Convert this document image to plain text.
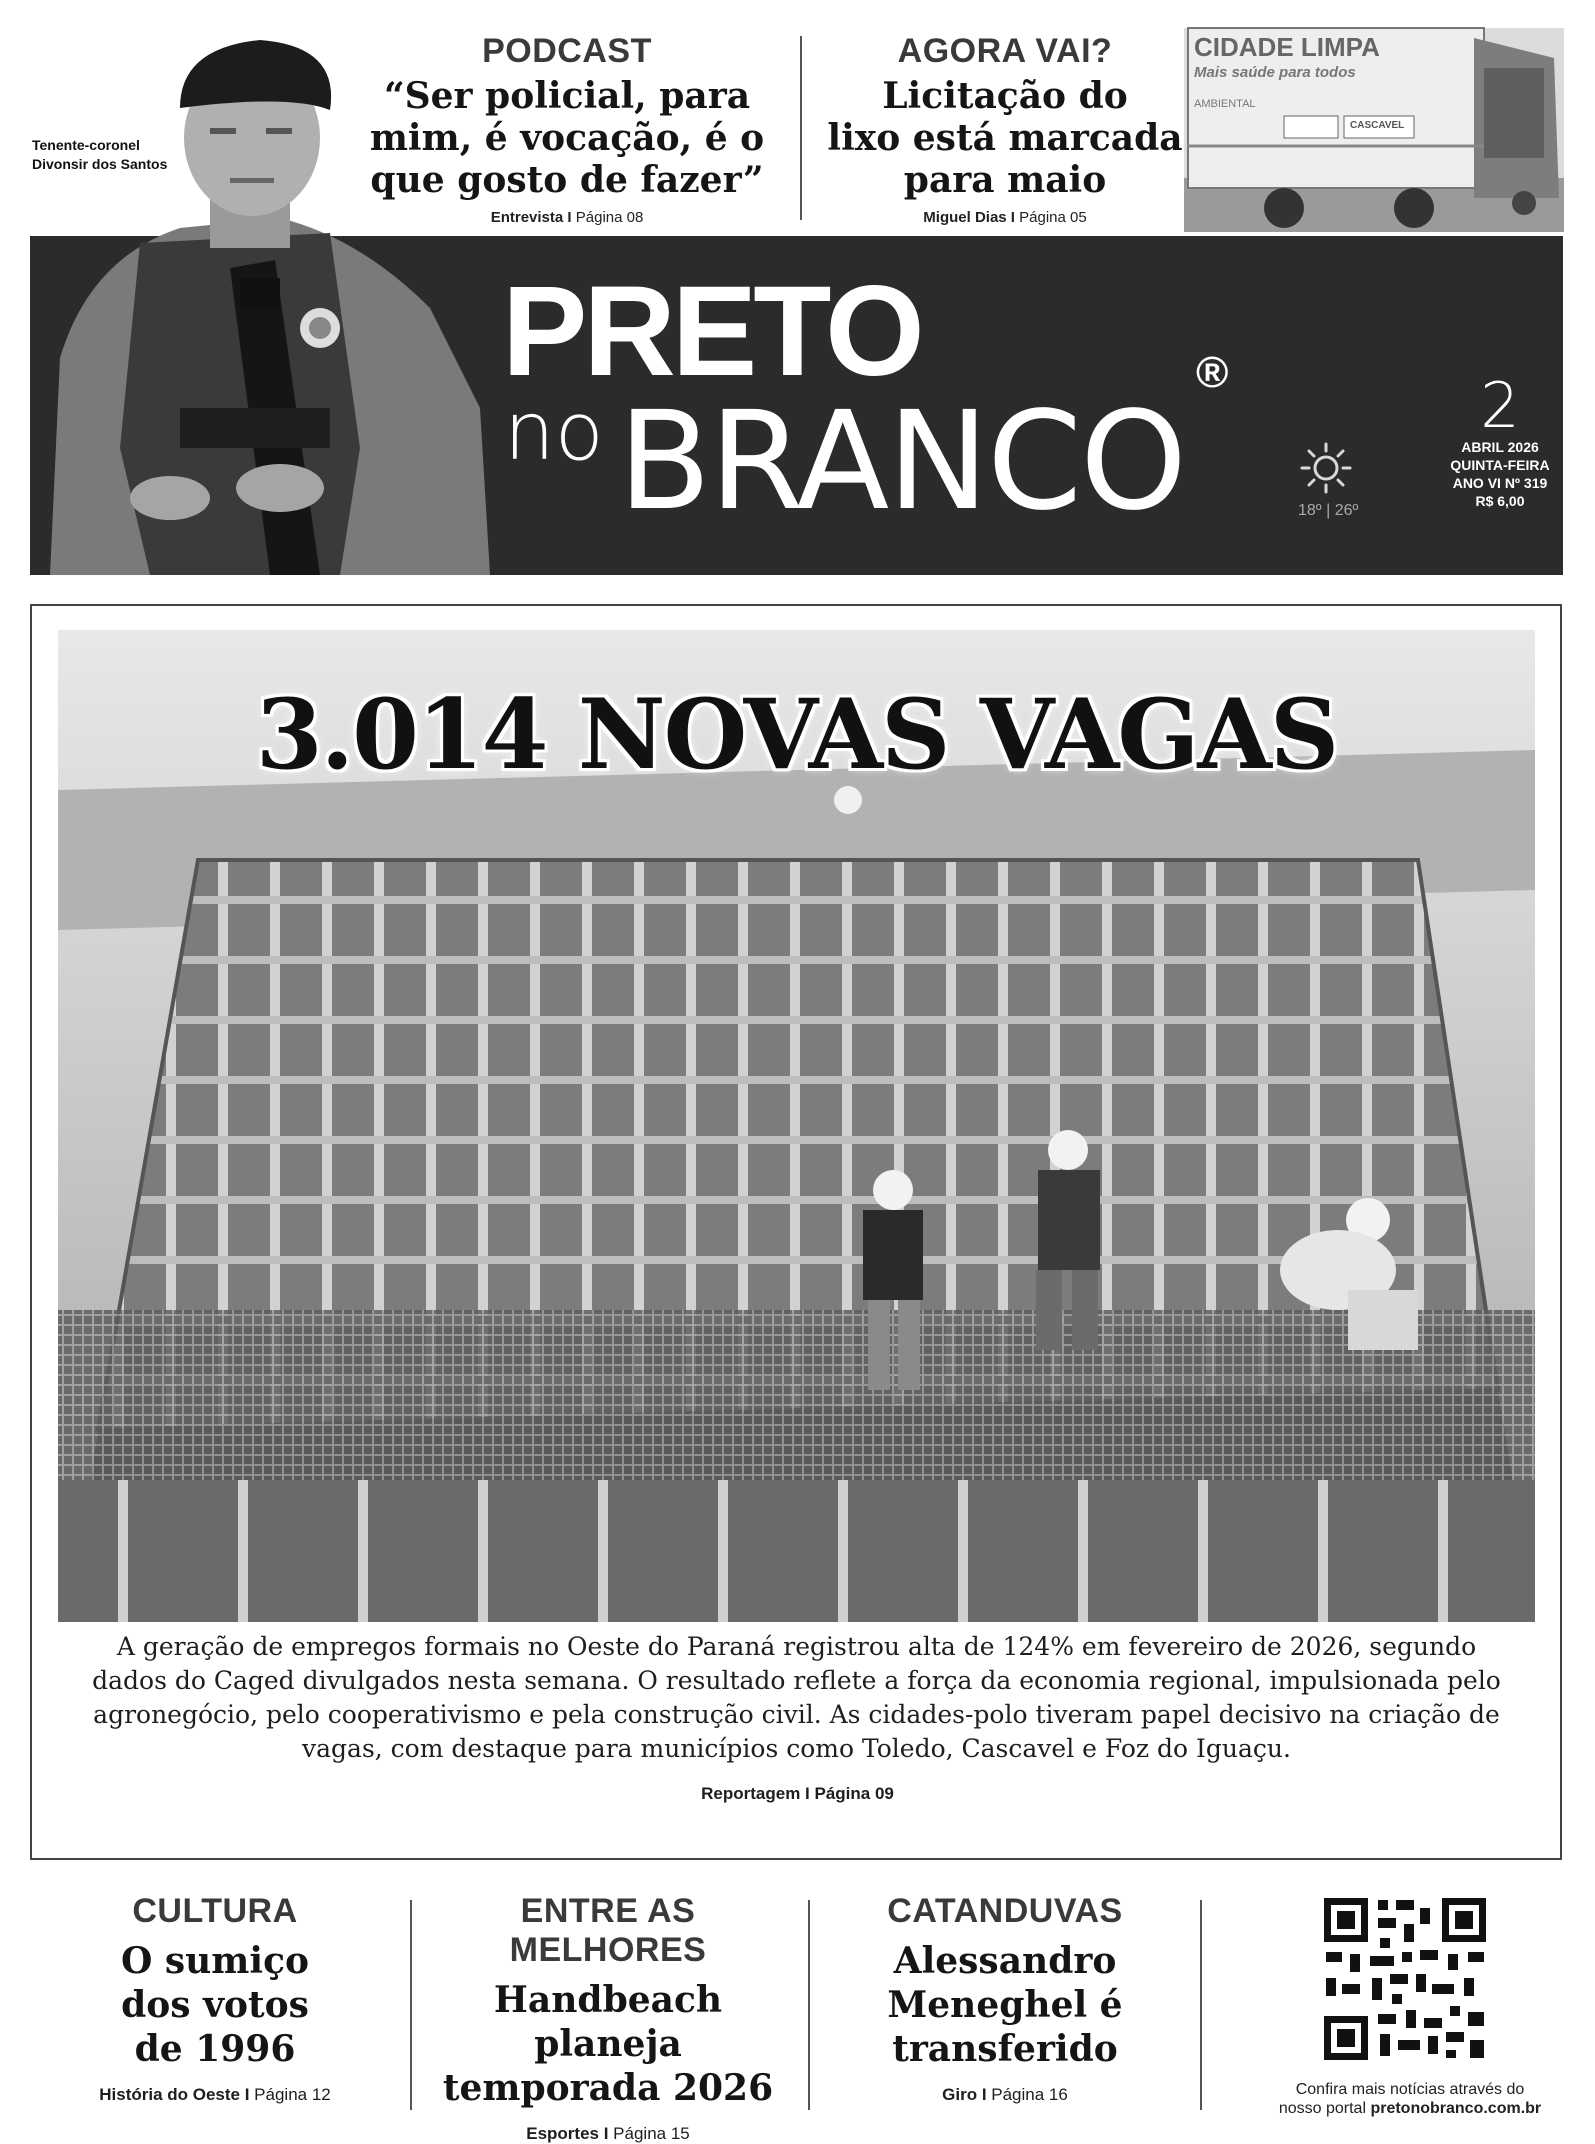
PODCAST
“Ser policial, para
mim, é vocação, é o
que gosto de fazer”
Entrevista I Página 08
AGORA VAI?
Licitação do
lixo está marcada
para maio
Miguel Dias I Página 05
CIDADE LIMPA
Mais saúde para todos
AMBIENTAL
CASCAVEL
Tenente-coronel
Divonsir dos Santos
PRETO
no BRANCO
®
18º | 26º
2
ABRIL 2026
QUINTA-FEIRA
ANO VI Nº 319
R$ 6,00
3.014 NOVAS VAGAS
A geração de empregos formais no Oeste do Paraná registrou alta de 124% em fevereiro de 2026, segundo
dados do Caged divulgados nesta semana. O resultado reflete a força da economia regional, impulsionada pelo
agronegócio, pelo cooperativismo e pela construção civil. As cidades-polo tiveram papel decisivo na criação de
vagas, com destaque para municípios como Toledo, Cascavel e Foz do Iguaçu.
Reportagem I Página 09
CULTURA
O sumiço
dos votos
de 1996
História do Oeste I Página 12
ENTRE AS MELHORES
Handbeach
planeja
temporada 2026
Esportes I Página 15
CATANDUVAS
Alessandro
Meneghel é
transferido
Giro I Página 16	Confira mais notícias através do
nosso portal pretonobranco.com.br
